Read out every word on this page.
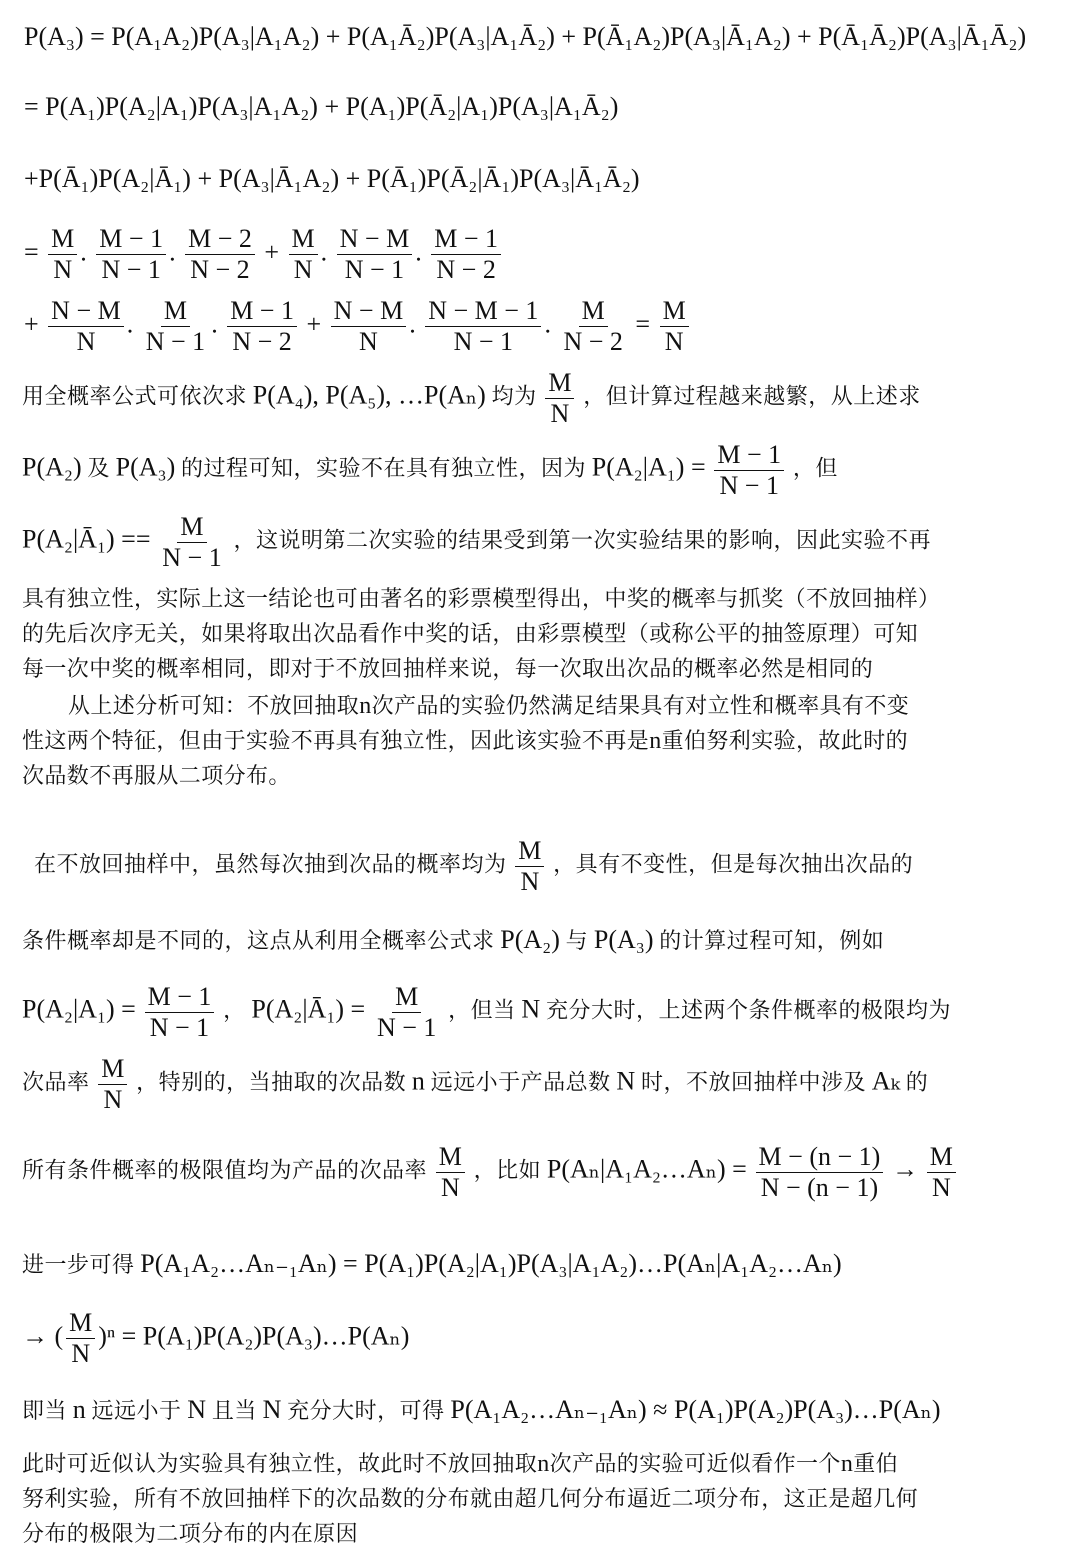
P(A₃) = P(A₁A₂)P(A₃|A₁A₂) + P(A₁Ā₂)P(A₃|A₁Ā₂) + P(Ā₁A₂)P(A₃|Ā₁A₂) + P(Ā₁Ā₂)P(A₃|Ā₁Ā₂)
= P(A₁)P(A₂|A₁)P(A₃|A₁A₂) + P(A₁)P(Ā₂|A₁)P(A₃|A₁Ā₂)
+P(Ā₁)P(A₂|Ā₁) + P(A₃|Ā₁A₂) + P(Ā₁)P(Ā₂|Ā₁)P(A₃|Ā₁Ā₂)
= $\frac{M}{N}$ . $\frac{M - 1}{N - 1}$ . $\frac{M - 2}{N - 2} + \frac{M}{N}$ . $\frac{N - M}{N - 1}$ . $\frac{M - 1}{N - 2}$
+ $\frac{N - M}{N}$ . $\frac{M}{N - 1}$ . $\frac{M - 1}{N - 2} + \frac{N - M}{N}$ . $\frac{N - M - 1}{N - 1}$ . $\frac{M}{N - 2} = \frac{M}{N}$
用全概率公式可依次求 P(A₄), P(A₅), …P(Aₙ) 均为 $\frac{M}{N}$ ，但计算过程越来越繁，从上述求
P(A₂) 及 P(A₃) 的过程可知，实验不在具有独立性，因为 $P(A_2|A_1) = \frac{M - 1}{N - 1}$ ，但
P(A₂|Ā₁) == $\frac{M}{N - 1}$ ，这说明第二次实验的结果受到第一次实验结果的影响，因此实验不再
具有独立性，实际上这一结论也可由著名的彩票模型得出，中奖的概率与抓奖（不放回抽样）
的先后次序无关，如果将取出次品看作中奖的话，由彩票模型（或称公平的抽签原理）可知
每一次中奖的概率相同，即对于不放回抽样来说，每一次取出次品的概率必然是相同的
从上述分析可知：不放回抽取n次产品的实验仍然满足结果具有对立性和概率具有不变
性这两个特征，但由于实验不再具有独立性，因此该实验不再是n重伯努利实验，故此时的
次品数不再服从二项分布。
在不放回抽样中，虽然每次抽到次品的概率均为 $\frac{M}{N}$ ，具有不变性，但是每次抽出次品的
条件概率却是不同的，这点从利用全概率公式求 P(A₂) 与 P(A₃) 的计算过程可知，例如
$P(A_2|A_1) = \frac{M - 1}{N - 1}$ ， P(A₂|Ā₁) = $\frac{M}{N - 1}$ ，但当 N 充分大时，上述两个条件概率的极限均为
次品率 $\frac{M}{N}$ ，特别的，当抽取的次品数 n 远远小于产品总数 N 时，不放回抽样中涉及 Aₖ 的
所有条件概率的极限值均为产品的次品率 $\frac{M}{N}$ ，比如 P(Aₙ|A₁A₂…Aₙ) = $\frac{M - (n - 1)}{N - (n - 1)} \to \frac{M}{N}$
进一步可得 P(A₁A₂…Aₙ₋₁Aₙ) = P(A₁)P(A₂|A₁)P(A₃|A₁A₂)…P(Aₙ|A₁A₂…Aₙ)
→ ( $\frac{M}{N} )^n$ = P(A₁)P(A₂)P(A₃)…P(Aₙ)
即当 n 远远小于 N 且当 N 充分大时，可得 P(A₁A₂…Aₙ₋₁Aₙ) ≈ P(A₁)P(A₂)P(A₃)…P(Aₙ)
此时可近似认为实验具有独立性，故此时不放回抽取n次产品的实验可近似看作一个n重伯
努利实验，所有不放回抽样下的次品数的分布就由超几何分布逼近二项分布，这正是超几何
分布的极限为二项分布的内在原因
